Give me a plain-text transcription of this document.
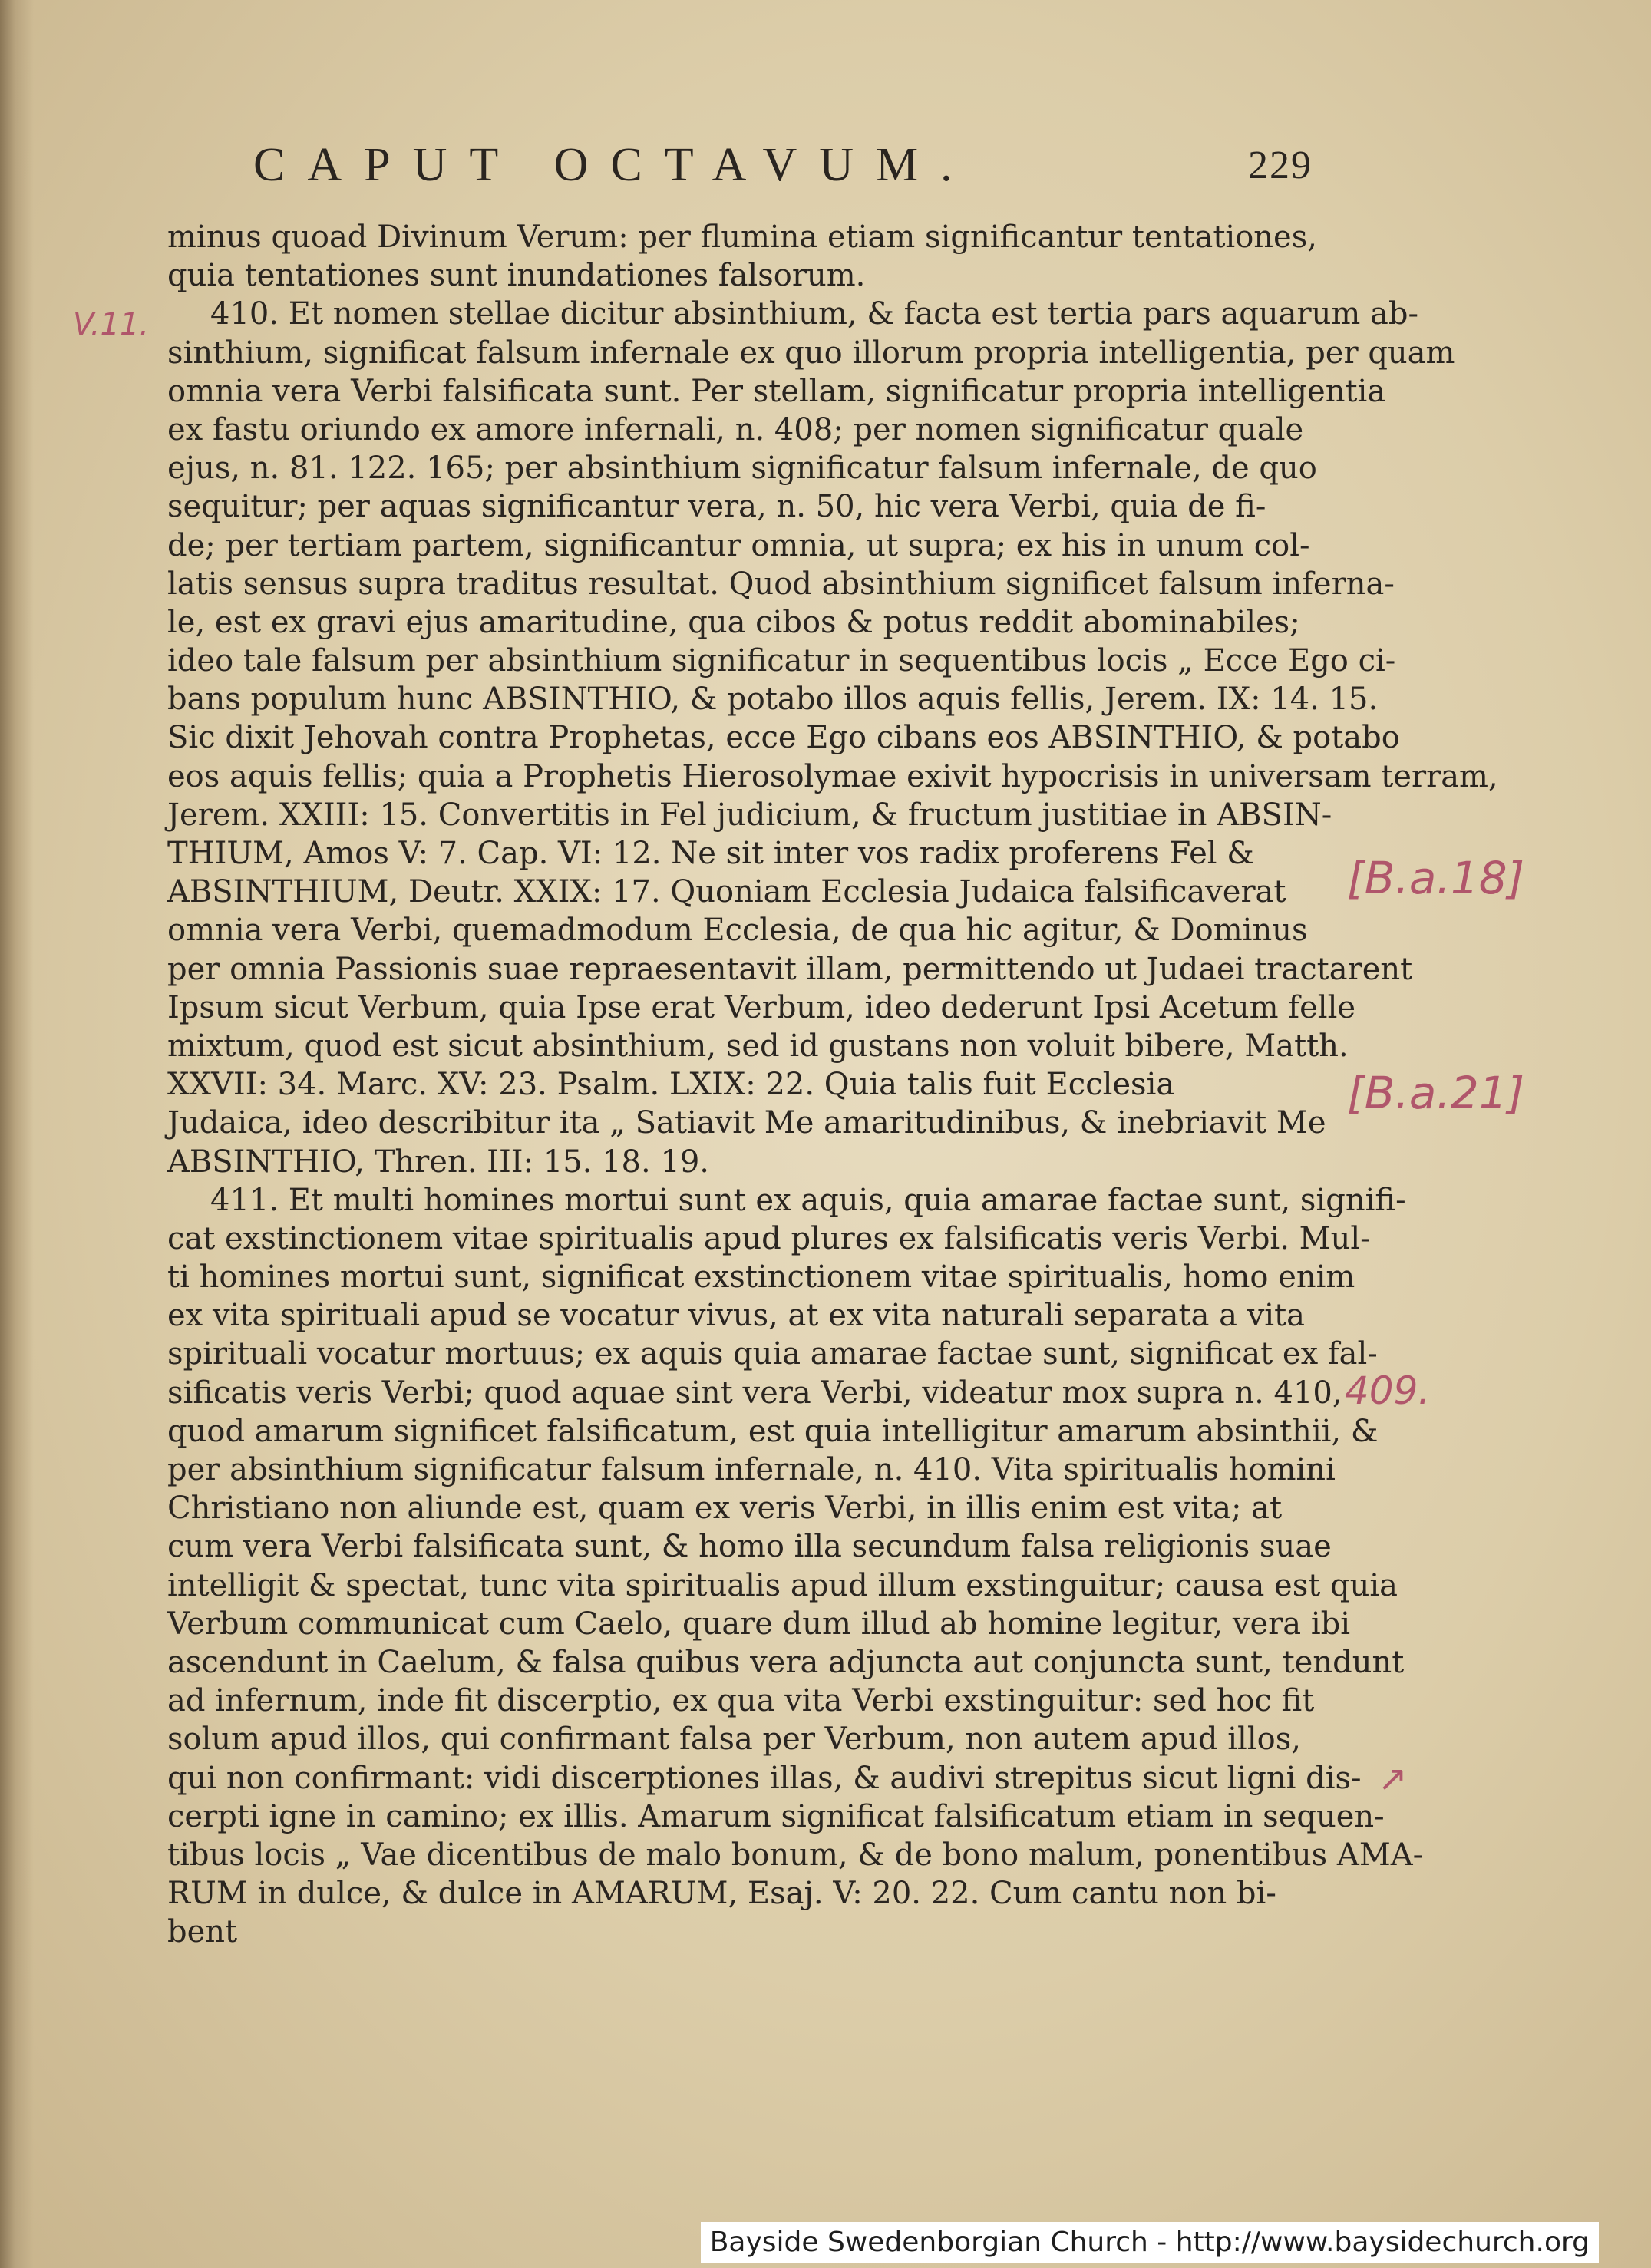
CAPUT OCTAVUM.	229
minus quoad Divinum Verum: per flumina etiam significantur tentationes,
quia tentationes sunt inundationes falsorum.
410. Et nomen stellae dicitur absinthium, & facta est tertia pars aquarum ab-
sinthium, significat falsum infernale ex quo illorum propria intelligentia, per quam
omnia vera Verbi falsificata sunt. Per stellam, significatur propria intelligentia
ex fastu oriundo ex amore infernali, n. 408; per nomen significatur quale
ejus, n. 81. 122. 165; per absinthium significatur falsum infernale, de quo
sequitur; per aquas significantur vera, n. 50, hic vera Verbi, quia de fi-
de; per tertiam partem, significantur omnia, ut supra; ex his in unum col-
latis sensus supra traditus resultat. Quod absinthium significet falsum inferna-
le, est ex gravi ejus amaritudine, qua cibos & potus reddit abominabiles;
ideo tale falsum per absinthium significatur in sequentibus locis „ Ecce Ego ci-
bans populum hunc ABSINTHIO, & potabo illos aquis fellis, Jerem. IX: 14. 15.
Sic dixit Jehovah contra Prophetas, ecce Ego cibans eos ABSINTHIO, & potabo
eos aquis fellis; quia a Prophetis Hierosolymae exivit hypocrisis in universam terram,
Jerem. XXIII: 15. Convertitis in Fel judicium, & fructum justitiae in ABSIN-
THIUM, Amos V: 7. Cap. VI: 12. Ne sit inter vos radix proferens Fel &
ABSINTHIUM, Deutr. XXIX: 17. Quoniam Ecclesia Judaica falsificaverat
omnia vera Verbi, quemadmodum Ecclesia, de qua hic agitur, & Dominus
per omnia Passionis suae repraesentavit illam, permittendo ut Judaei tractarent
Ipsum sicut Verbum, quia Ipse erat Verbum, ideo dederunt Ipsi Acetum felle
mixtum, quod est sicut absinthium, sed id gustans non voluit bibere, Matth.
XXVII: 34. Marc. XV: 23. Psalm. LXIX: 22. Quia talis fuit Ecclesia
Judaica, ideo describitur ita „ Satiavit Me amaritudinibus, & inebriavit Me
ABSINTHIO, Thren. III: 15. 18. 19.
411. Et multi homines mortui sunt ex aquis, quia amarae factae sunt, signifi-
cat exstinctionem vitae spiritualis apud plures ex falsificatis veris Verbi. Mul-
ti homines mortui sunt, significat exstinctionem vitae spiritualis, homo enim
ex vita spirituali apud se vocatur vivus, at ex vita naturali separata a vita
spirituali vocatur mortuus; ex aquis quia amarae factae sunt, significat ex fal-
sificatis veris Verbi; quod aquae sint vera Verbi, videatur mox supra n. 410,
quod amarum significet falsificatum, est quia intelligitur amarum absinthii, &
per absinthium significatur falsum infernale, n. 410. Vita spiritualis homini
Christiano non aliunde est, quam ex veris Verbi, in illis enim est vita; at
cum vera Verbi falsificata sunt, & homo illa secundum falsa religionis suae
intelligit & spectat, tunc vita spiritualis apud illum exstinguitur; causa est quia
Verbum communicat cum Caelo, quare dum illud ab homine legitur, vera ibi
ascendunt in Caelum, & falsa quibus vera adjuncta aut conjuncta sunt, tendunt
ad infernum, inde fit discerptio, ex qua vita Verbi exstinguitur: sed hoc fit
solum apud illos, qui confirmant falsa per Verbum, non autem apud illos,
qui non confirmant: vidi discerptiones illas, & audivi strepitus sicut ligni dis-
cerpti igne in camino; ex illis. Amarum significat falsificatum etiam in sequen-
tibus locis „ Vae dicentibus de malo bonum, & de bono malum, ponentibus AMA-
RUM in dulce, & dulce in AMARUM, Esaj. V: 20. 22. Cum cantu non bi-
bent
V.11.
[B.a.18]
[B.a.21]
409.
↗
Bayside Swedenborgian Church - http://www.baysidechurch.org
